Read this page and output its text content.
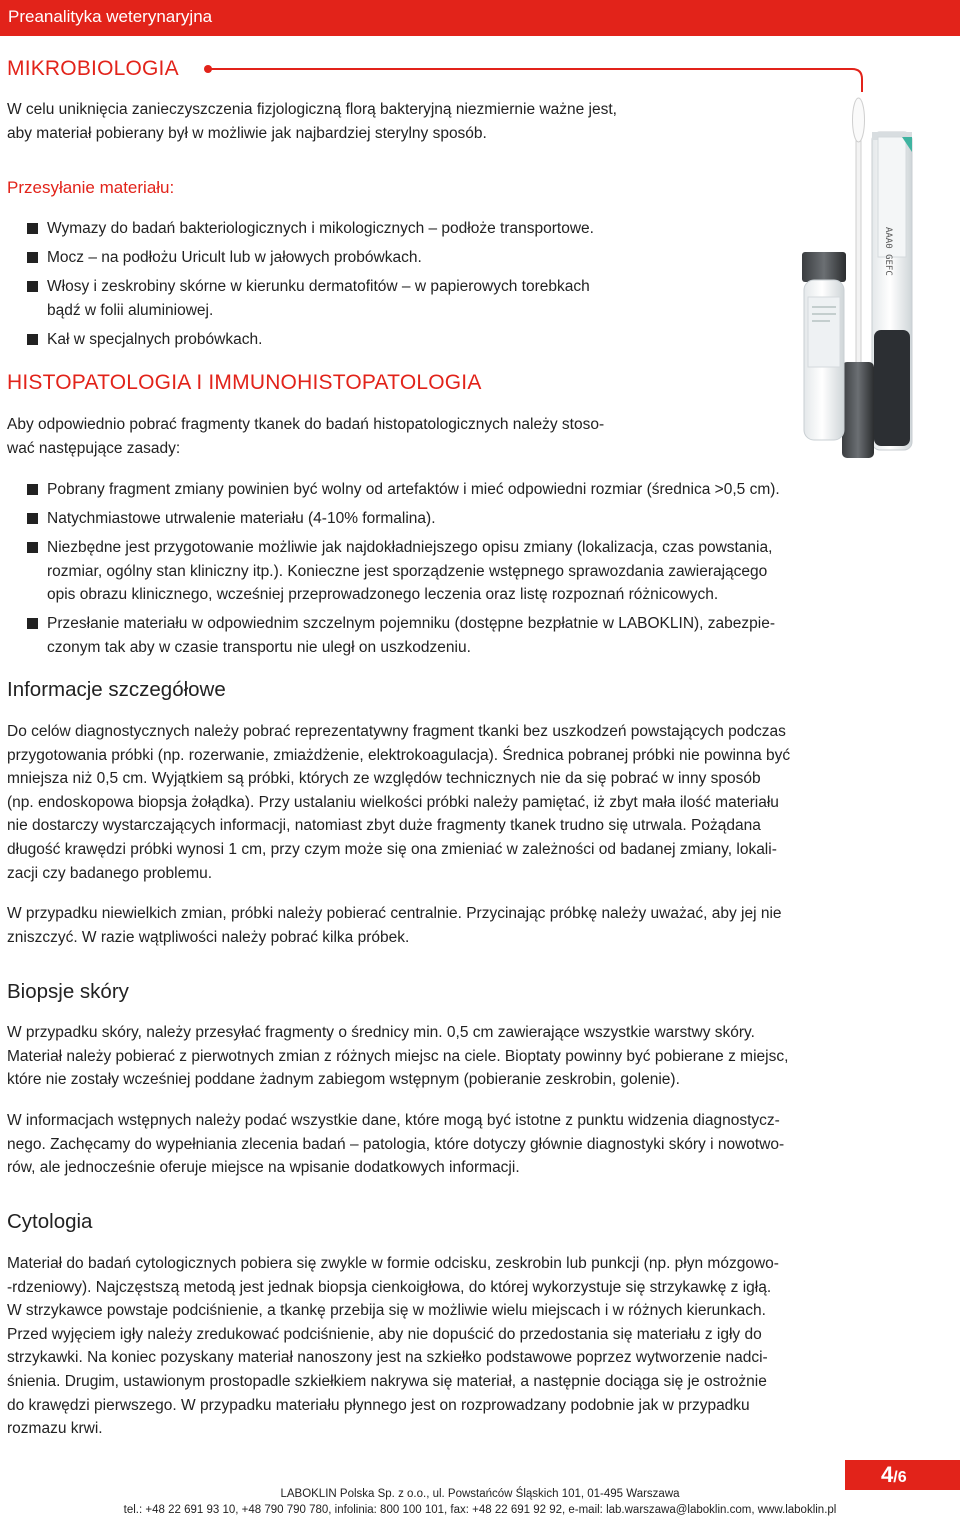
Preanalityka weterynaryjna
MIKROBIOLOGIA
W celu uniknięcia zanieczyszczenia fizjologiczną florą bakteryjną niezmiernie ważne jest,
aby materiał pobierany był w możliwie jak najbardziej sterylny sposób.
Przesyłanie materiału:
Wymazy do badań bakteriologicznych i mikologicznych – podłoże transportowe.
Mocz – na podłożu Uricult lub w jałowych probówkach.
Włosy i zeskrobiny skórne w kierunku dermatofitów – w papierowych torebkach
bądź w folii aluminiowej.
Kał w specjalnych probówkach.
AAA0 GEFC
HISTOPATOLOGIA I IMMUNOHISTOPATOLOGIA
Aby odpowiednio pobrać fragmenty tkanek do badań histopatologicznych należy stoso-
wać następujące zasady:
Pobrany fragment zmiany powinien być wolny od artefaktów i mieć odpowiedni rozmiar (średnica >0,5 cm).
Natychmiastowe utrwalenie materiału (4-10% formalina).
Niezbędne jest przygotowanie możliwie jak najdokładniejszego opisu zmiany (lokalizacja, czas powstania,
rozmiar, ogólny stan kliniczny itp.). Konieczne jest sporządzenie wstępnego sprawozdania zawierającego
opis obrazu klinicznego, wcześniej przeprowadzonego leczenia oraz listę rozpoznań różnicowych.
Przesłanie materiału w odpowiednim szczelnym pojemniku (dostępne bezpłatnie w LABOKLIN), zabezpie-
czonym tak aby w czasie transportu nie uległ on uszkodzeniu.
Informacje szczegółowe
Do celów diagnostycznych należy pobrać reprezentatywny fragment tkanki bez uszkodzeń powstających podczas
przygotowania próbki (np. rozerwanie, zmiażdżenie, elektrokoagulacja). Średnica pobranej próbki nie powinna być
mniejsza niż 0,5 cm. Wyjątkiem są próbki, których ze względów technicznych nie da się pobrać w inny sposób
(np. endoskopowa biopsja żołądka). Przy ustalaniu wielkości próbki należy pamiętać, iż zbyt mała ilość materiału
nie dostarczy wystarczających informacji, natomiast zbyt duże fragmenty tkanek trudno się utrwala. Pożądana
długość krawędzi próbki wynosi 1 cm, przy czym może się ona zmieniać w zależności od badanej zmiany, lokali-
zacji czy badanego problemu.
W przypadku niewielkich zmian, próbki należy pobierać centralnie. Przycinając próbkę należy uważać, aby jej nie
zniszczyć. W razie wątpliwości należy pobrać kilka próbek.
Biopsje skóry
W przypadku skóry, należy przesyłać fragmenty o średnicy min. 0,5 cm zawierające wszystkie warstwy skóry.
Materiał należy pobierać z pierwotnych zmian z różnych miejsc na ciele. Bioptaty powinny być pobierane z miejsc,
które nie zostały wcześniej poddane żadnym zabiegom wstępnym (pobieranie zeskrobin, golenie).
W informacjach wstępnych należy podać wszystkie dane, które mogą być istotne z punktu widzenia diagnostycz-
nego. Zachęcamy do wypełniania zlecenia badań – patologia, które dotyczy głównie diagnostyki skóry i nowotwo-
rów, ale jednocześnie oferuje miejsce na wpisanie dodatkowych informacji.
Cytologia
Materiał do badań cytologicznych pobiera się zwykle w formie odcisku, zeskrobin lub punkcji (np. płyn mózgowo-
-rdzeniowy). Najczęstszą metodą jest jednak biopsja cienkoigłowa, do której wykorzystuje się strzykawkę z igłą.
W strzykawce powstaje podciśnienie, a tkankę przebija się w możliwie wielu miejscach i w różnych kierunkach.
Przed wyjęciem igły należy zredukować podciśnienie, aby nie dopuścić do przedostania się materiału z igły do
strzykawki. Na koniec pozyskany materiał nanoszony jest na szkiełko podstawowe poprzez wytworzenie nadci-
śnienia. Drugim, ustawionym prostopadle szkiełkiem nakrywa się materiał, a następnie dociąga się je ostrożnie
do krawędzi pierwszego. W przypadku materiału płynnego jest on rozprowadzany podobnie jak w przypadku
rozmazu krwi.
4/6
LABOKLIN Polska Sp. z o.o., ul. Powstańców Śląskich 101, 01-495 Warszawa
tel.: +48 22 691 93 10, +48 790 790 780, infolinia: 800 100 101, fax: +48 22 691 92 92, e-mail: lab.warszawa@laboklin.com, www.laboklin.pl
